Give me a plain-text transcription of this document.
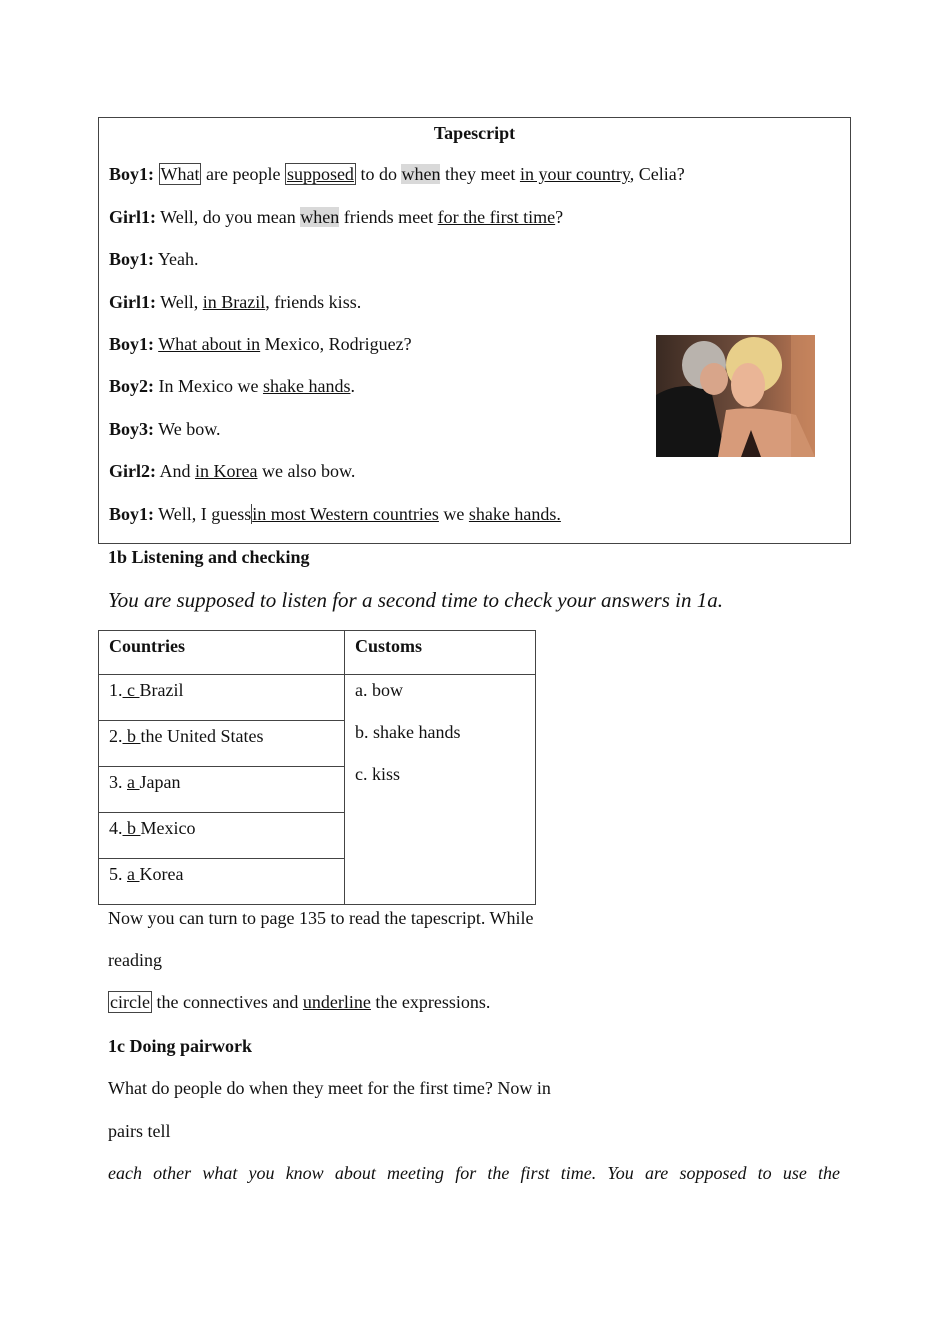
Tapescript
Boy1: What are people supposed to do when they meet in your country, Celia?
Girl1: Well, do you mean when friends meet for the first time?
Boy1: Yeah.
Girl1: Well, in Brazil, friends kiss.
Boy1: What about in Mexico, Rodriguez?
Boy2: In Mexico we shake hands.
Boy3: We bow.
Girl2: And in Korea we also bow.
Boy1: Well, I guessin most Western countries we shake hands.
1b Listening and checking
You are supposed to listen for a second time to check your answers in 1a.
Countries	Customs
1. c Brazil
2. b the United States
3. a Japan
4. b Mexico
5. a Korea
a. bow
b. shake hands
c. kiss
Now you can turn to page 135 to read the tapescript. While
reading
circle the connectives and underline the expressions.
1c Doing pairwork
What do people do when they meet for the first time? Now in
pairs tell
each other what you know about meeting for the first time. You are sopposed to use the
